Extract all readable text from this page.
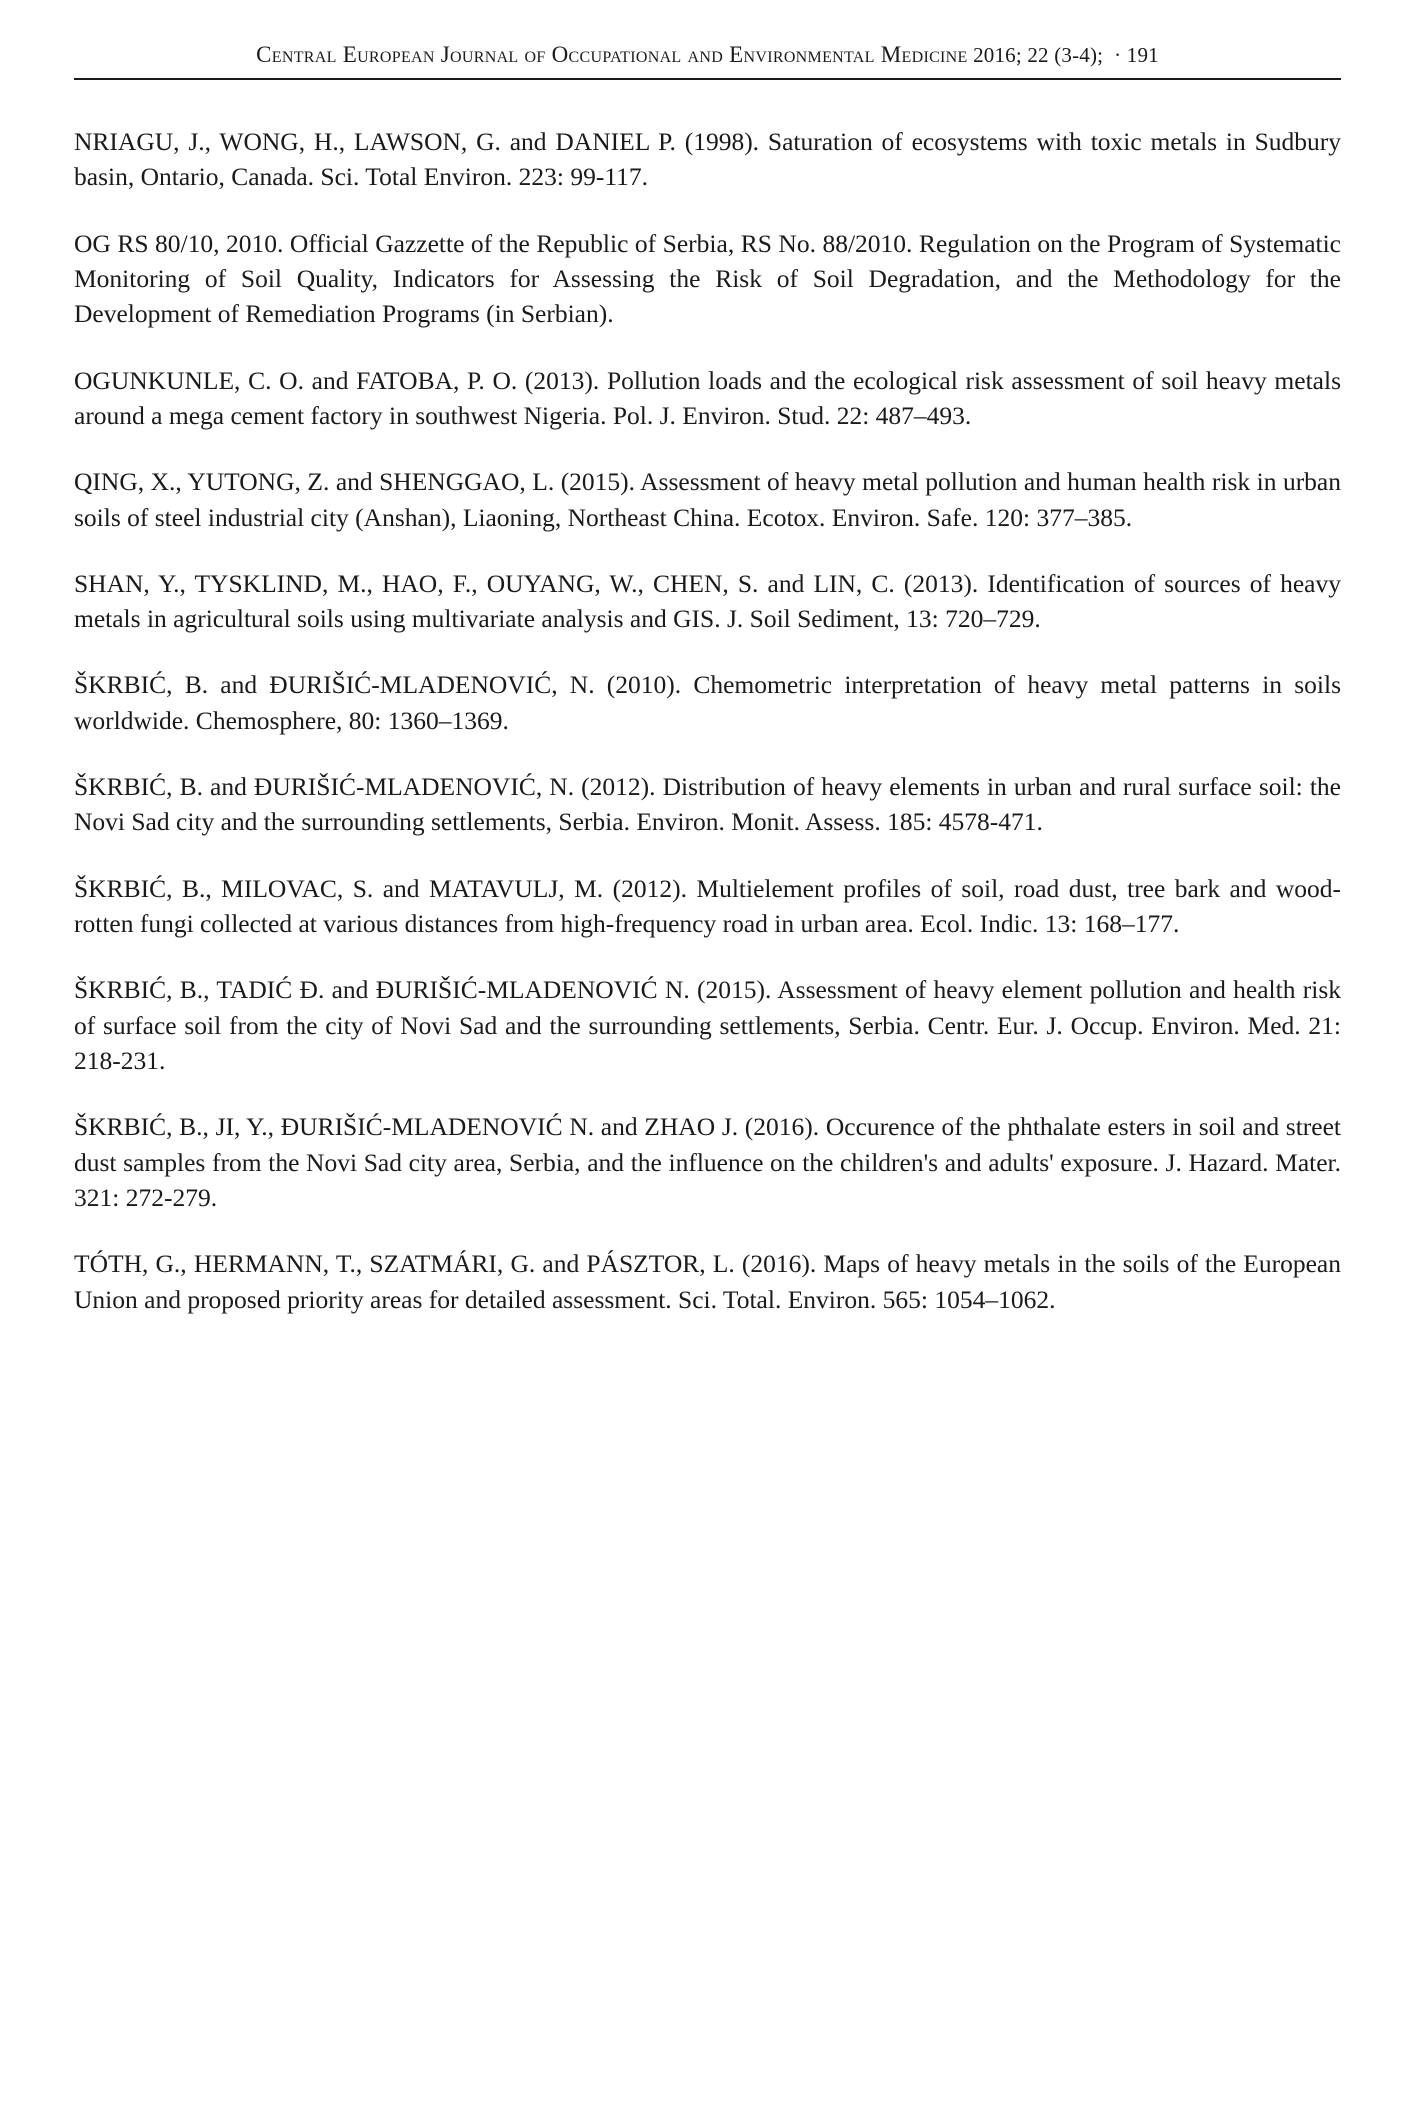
Central European Journal of Occupational and Environmental Medicine 2016; 22 (3-4); · 191

NRIAGU, J., WONG, H., LAWSON, G. and DANIEL P. (1998). Saturation of ecosystems with toxic metals in Sudbury basin, Ontario, Canada. Sci. Total Environ. 223: 99-117.

OG RS 80/10, 2010. Official Gazzette of the Republic of Serbia, RS No. 88/2010. Regulation on the Program of Systematic Monitoring of Soil Quality, Indicators for Assessing the Risk of Soil Degradation, and the Methodology for the Development of Remediation Programs (in Serbian).

OGUNKUNLE, C. O. and FATOBA, P. O. (2013). Pollution loads and the ecological risk assessment of soil heavy metals around a mega cement factory in southwest Nigeria. Pol. J. Environ. Stud. 22: 487–493.

QING, X., YUTONG, Z. and SHENGGAO, L. (2015). Assessment of heavy metal pollution and human health risk in urban soils of steel industrial city (Anshan), Liaoning, Northeast China. Ecotox. Environ. Safe. 120: 377–385.

SHAN, Y., TYSKLIND, M., HAO, F., OUYANG, W., CHEN, S. and LIN, C. (2013). Identification of sources of heavy metals in agricultural soils using multivariate analysis and GIS. J. Soil Sediment, 13: 720–729.

ŠKRBIĆ, B. and ĐURIŠIĆ-MLADENOVIĆ, N. (2010). Chemometric interpretation of heavy metal patterns in soils worldwide. Chemosphere, 80: 1360–1369.

ŠKRBIĆ, B. and ĐURIŠIĆ-MLADENOVIĆ, N. (2012). Distribution of heavy elements in urban and rural surface soil: the Novi Sad city and the surrounding settlements, Serbia. Environ. Monit. Assess. 185: 4578-471.

ŠKRBIĆ, B., MILOVAC, S. and MATAVULJ, M. (2012). Multielement profiles of soil, road dust, tree bark and wood-rotten fungi collected at various distances from high-frequency road in urban area. Ecol. Indic. 13: 168–177.

ŠKRBIĆ, B., TADIĆ Đ. and ĐURIŠIĆ-MLADENOVIĆ N. (2015). Assessment of heavy element pollution and health risk of surface soil from the city of Novi Sad and the surrounding settlements, Serbia. Centr. Eur. J. Occup. Environ. Med. 21: 218-231.

ŠKRBIĆ, B., JI, Y., ĐURIŠIĆ-MLADENOVIĆ N. and ZHAO J. (2016). Occurence of the phthalate esters in soil and street dust samples from the Novi Sad city area, Serbia, and the influence on the children's and adults' exposure. J. Hazard. Mater. 321: 272-279.

TÓTH, G., HERMANN, T., SZATMÁRI, G. and PÁSZTOR, L. (2016). Maps of heavy metals in the soils of the European Union and proposed priority areas for detailed assessment. Sci. Total. Environ. 565: 1054–1062.
